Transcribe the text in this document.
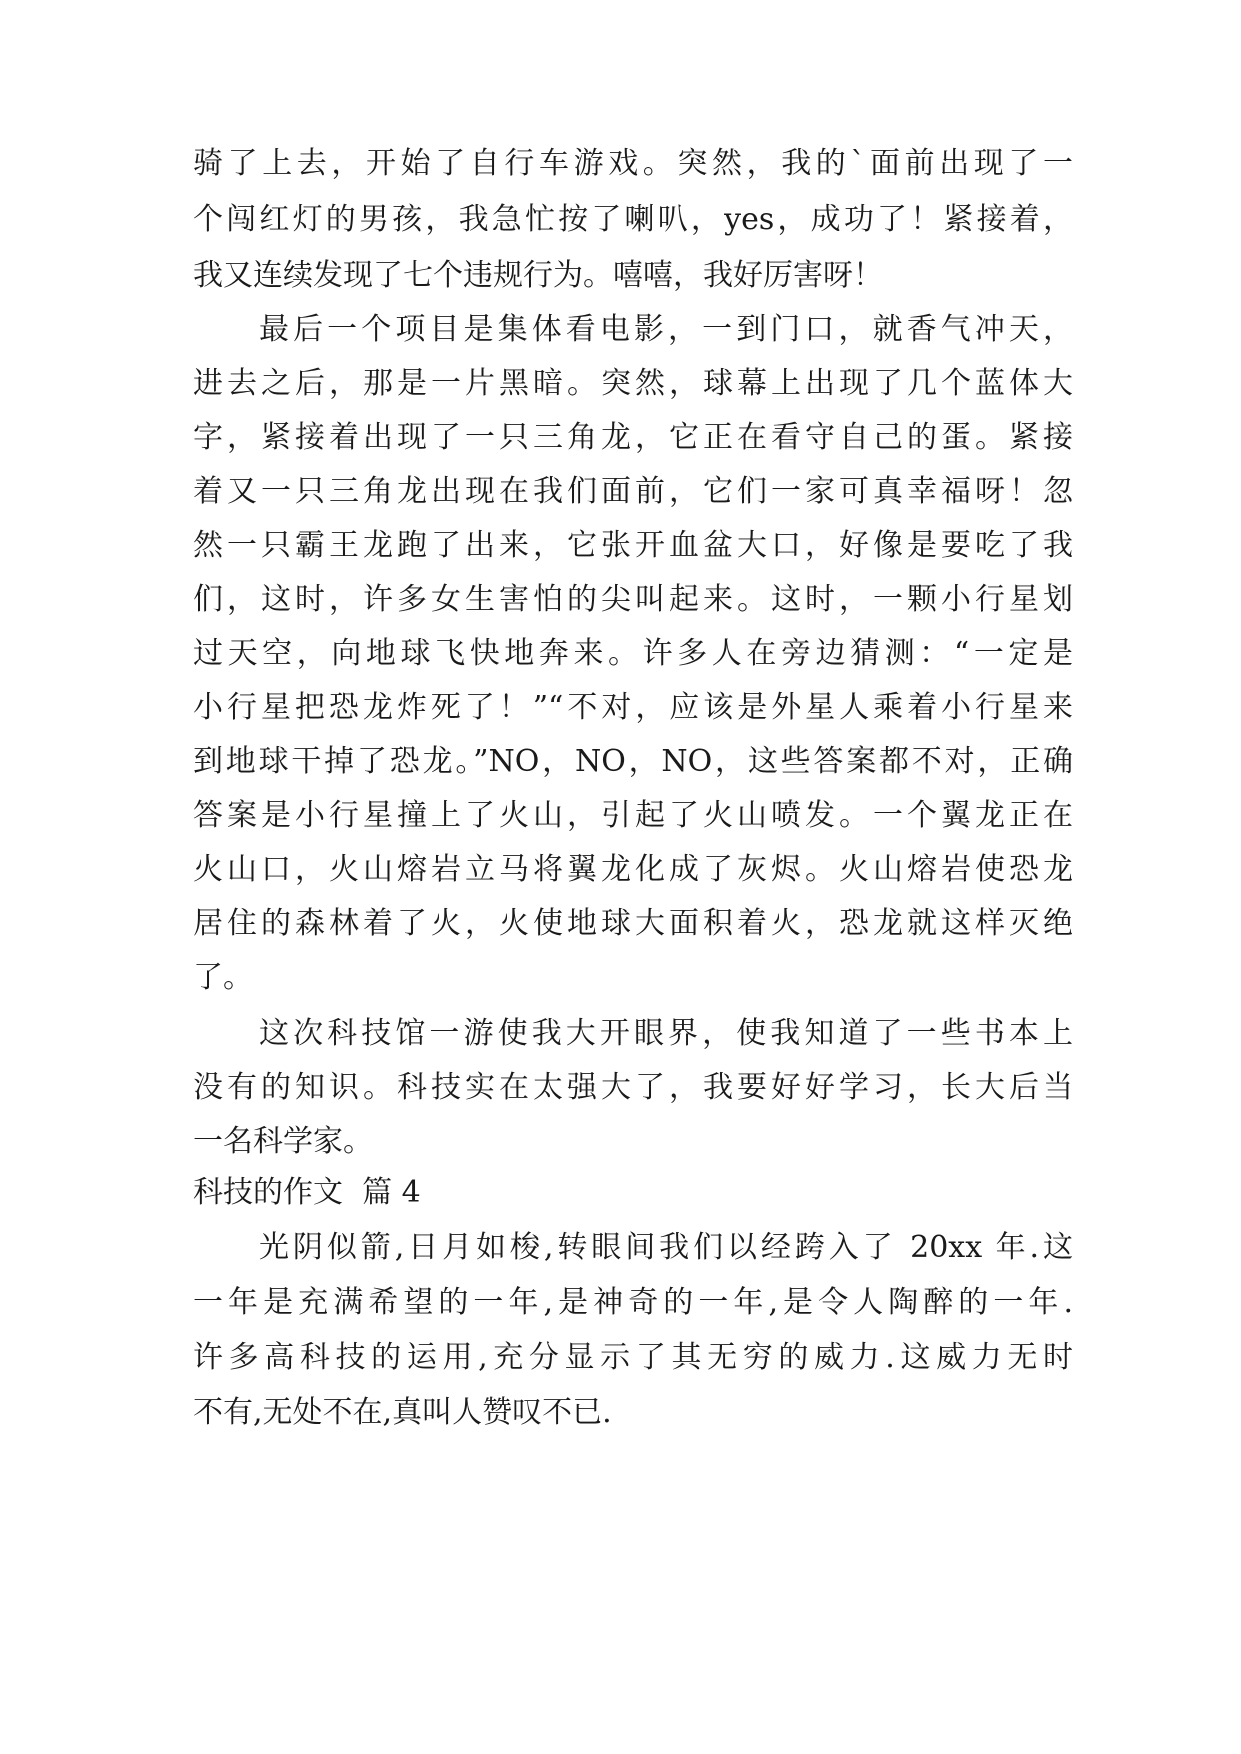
骑了上去，开始了自行车游戏。突然，我的`面前出现了一

个闯红灯的男孩，我急忙按了喇叭，yes，成功了！紧接着，

我又连续发现了七个违规行为。嘻嘻，我好厉害呀！

最后一个项目是集体看电影，一到门口，就香气冲天，

进去之后，那是一片黑暗。突然，球幕上出现了几个蓝体大

字，紧接着出现了一只三角龙，它正在看守自己的蛋。紧接

着又一只三角龙出现在我们面前，它们一家可真幸福呀！忽

然一只霸王龙跑了出来，它张开血盆大口，好像是要吃了我

们，这时，许多女生害怕的尖叫起来。这时，一颗小行星划

过天空，向地球飞快地奔来。许多人在旁边猜测：“一定是

小行星把恐龙炸死了！”“不对，应该是外星人乘着小行星来

到地球干掉了恐龙。”NO，NO，NO，这些答案都不对，正确

答案是小行星撞上了火山，引起了火山喷发。一个翼龙正在

火山口，火山熔岩立马将翼龙化成了灰烬。火山熔岩使恐龙

居住的森林着了火，火使地球大面积着火，恐龙就这样灭绝

了。

这次科技馆一游使我大开眼界，使我知道了一些书本上

没有的知识。科技实在太强大了，我要好好学习，长大后当

一名科学家。

科技的作文  篇 4

光阴似箭,日月如梭,转眼间我们以经跨入了 20xx 年.这

一年是充满希望的一年,是神奇的一年,是令人陶醉的一年.

许多高科技的运用,充分显示了其无穷的威力.这威力无时

不有,无处不在,真叫人赞叹不已.
